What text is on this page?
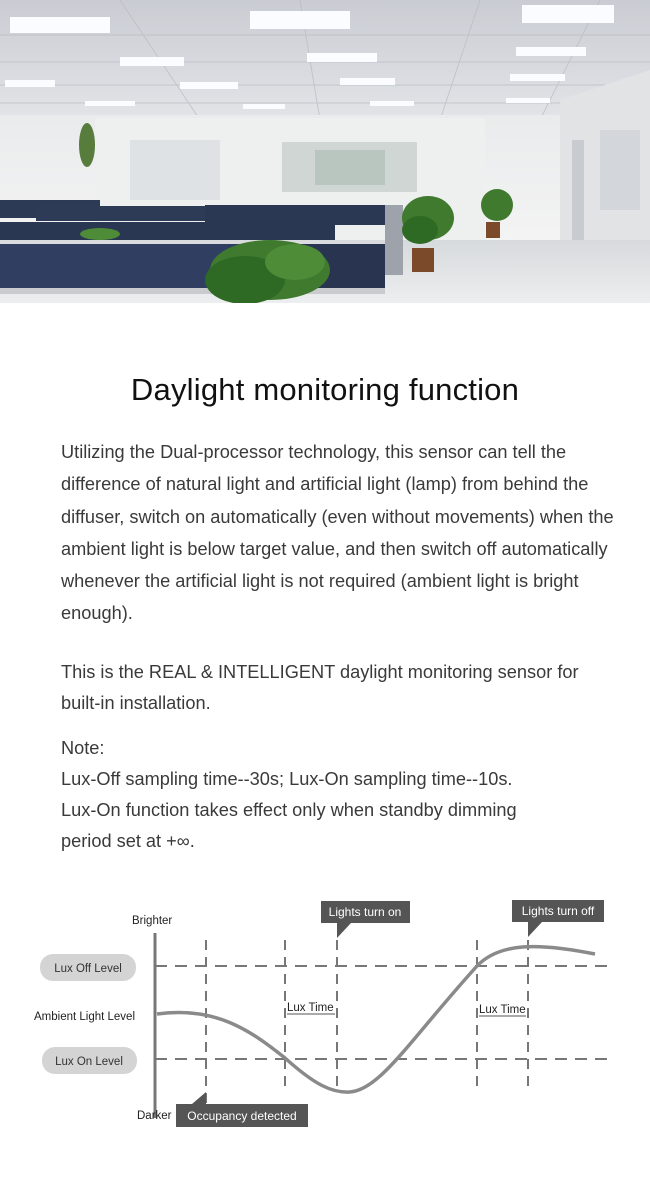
Daylight monitoring function

Utilizing the Dual-processor technology, this sensor can tell the difference of natural light and artificial light (lamp) from behind the diffuser, switch on automatically (even without movements) when the ambient light is below target value, and then switch off automatically whenever the artificial light is not required (ambient light is bright enough).

This is the REAL & INTELLIGENT daylight monitoring sensor for built-in installation.

Note:
Lux-Off sampling time--30s; Lux-On sampling time--10s.
Lux-On function takes effect only when standby dimming
period set at +∞.
Lux Time	Lux Time
Brighter
Ambient Light Level
Darker
Lux Off Level
Lux On Level
Lights turn on	Lights turn off
Occupancy detected
